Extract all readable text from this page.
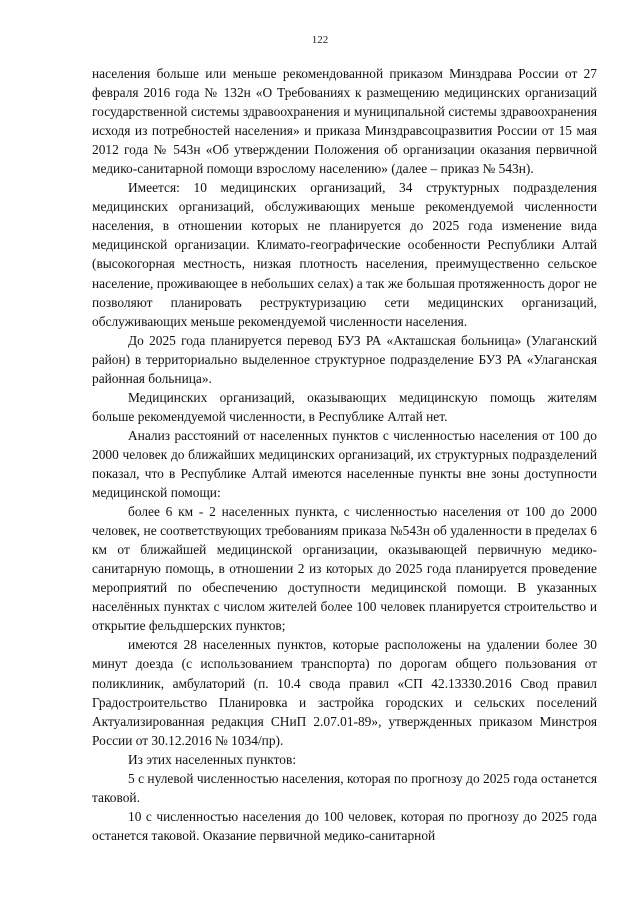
122

населения больше или меньше рекомендованной приказом Минздрава России от 27 февраля 2016 года № 132н «О Требованиях к размещению медицинских организаций государственной системы здравоохранения и муниципальной системы здравоохранения исходя из потребностей населения» и приказа Минздравсоцразвития России от 15 мая 2012 года № 543н «Об утверждении Положения об организации оказания первичной медико-санитарной помощи взрослому населению» (далее – приказ № 543н).

Имеется: 10 медицинских организаций, 34 структурных подразделения медицинских организаций, обслуживающих меньше рекомендуемой численности населения, в отношении которых не планируется до 2025 года изменение вида медицинской организации. Климато-географические особенности Республики Алтай (высокогорная местность, низкая плотность населения, преимущественно сельское население, проживающее в небольших селах) а так же большая протяженность дорог не позволяют планировать реструктуризацию сети медицинских организаций, обслуживающих меньше рекомендуемой численности населения.

До 2025 года планируется перевод БУЗ РА «Акташская больница» (Улаганский район) в территориально выделенное структурное подразделение БУЗ РА «Улаганская районная больница».

Медицинских организаций, оказывающих медицинскую помощь жителям больше рекомендуемой численности, в Республике Алтай нет.

Анализ расстояний от населенных пунктов с численностью населения от 100 до 2000 человек до ближайших медицинских организаций, их структурных подразделений показал, что в Республике Алтай имеются населенные пункты вне зоны доступности медицинской помощи:

более 6 км - 2 населенных пункта, с численностью населения от 100 до 2000 человек, не соответствующих требованиям приказа №543н об удаленности в пределах 6 км от ближайшей медицинской организации, оказывающей первичную медико-санитарную помощь, в отношении 2 из которых до 2025 года планируется проведение мероприятий по обеспечению доступности медицинской помощи. В указанных населённых пунктах с числом жителей более 100 человек планируется строительство и открытие фельдшерских пунктов;

имеются 28 населенных пунктов, которые расположены на удалении более 30 минут доезда (с использованием транспорта) по дорогам общего пользования от поликлиник, амбулаторий (п. 10.4 свода правил «СП 42.13330.2016 Свод правил Градостроительство Планировка и застройка городских и сельских поселений Актуализированная редакция СНиП 2.07.01-89», утвержденных приказом Минстроя России от 30.12.2016 № 1034/пр).

Из этих населенных пунктов:

5 с нулевой численностью населения, которая по прогнозу до 2025 года останется таковой.

10 с численностью населения до 100 человек, которая по прогнозу до 2025 года останется таковой. Оказание первичной медико-санитарной
